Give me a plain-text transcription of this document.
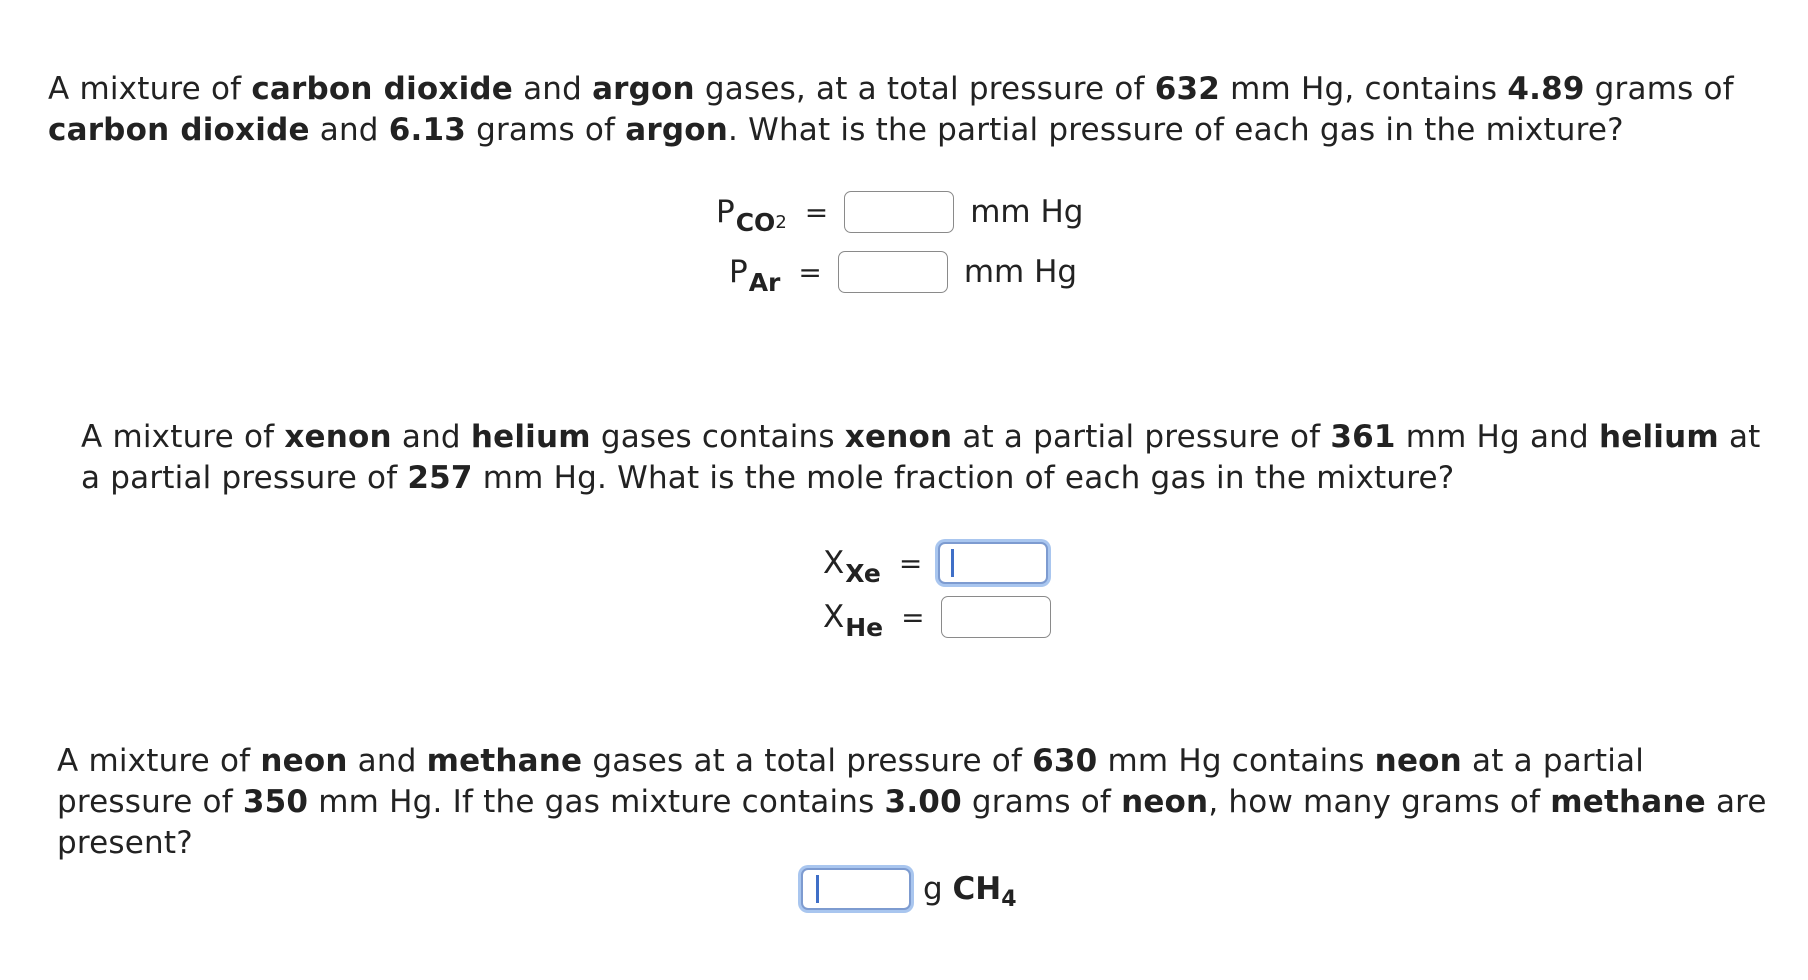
A mixture of carbon dioxide and argon gases, at a total pressure of 632 mm Hg, contains 4.89 grams of carbon dioxide and 6.13 grams of argon. What is the partial pressure of each gas in the mixture?
$P_{CO}2$ =	mm Hg
$P_{Ar}$ =	mm Hg
A mixture of xenon and helium gases contains xenon at a partial pressure of 361 mm Hg and helium at a partial pressure of 257 mm Hg. What is the mole fraction of each gas in the mixture?
$X_{Xe}$ =
$X_{He}$ =
A mixture of neon and methane gases at a total pressure of 630 mm Hg contains neon at a partial pressure of 350 mm Hg. If the gas mixture contains 3.00 grams of neon, how many grams of methane are present?
g $CH_4$
